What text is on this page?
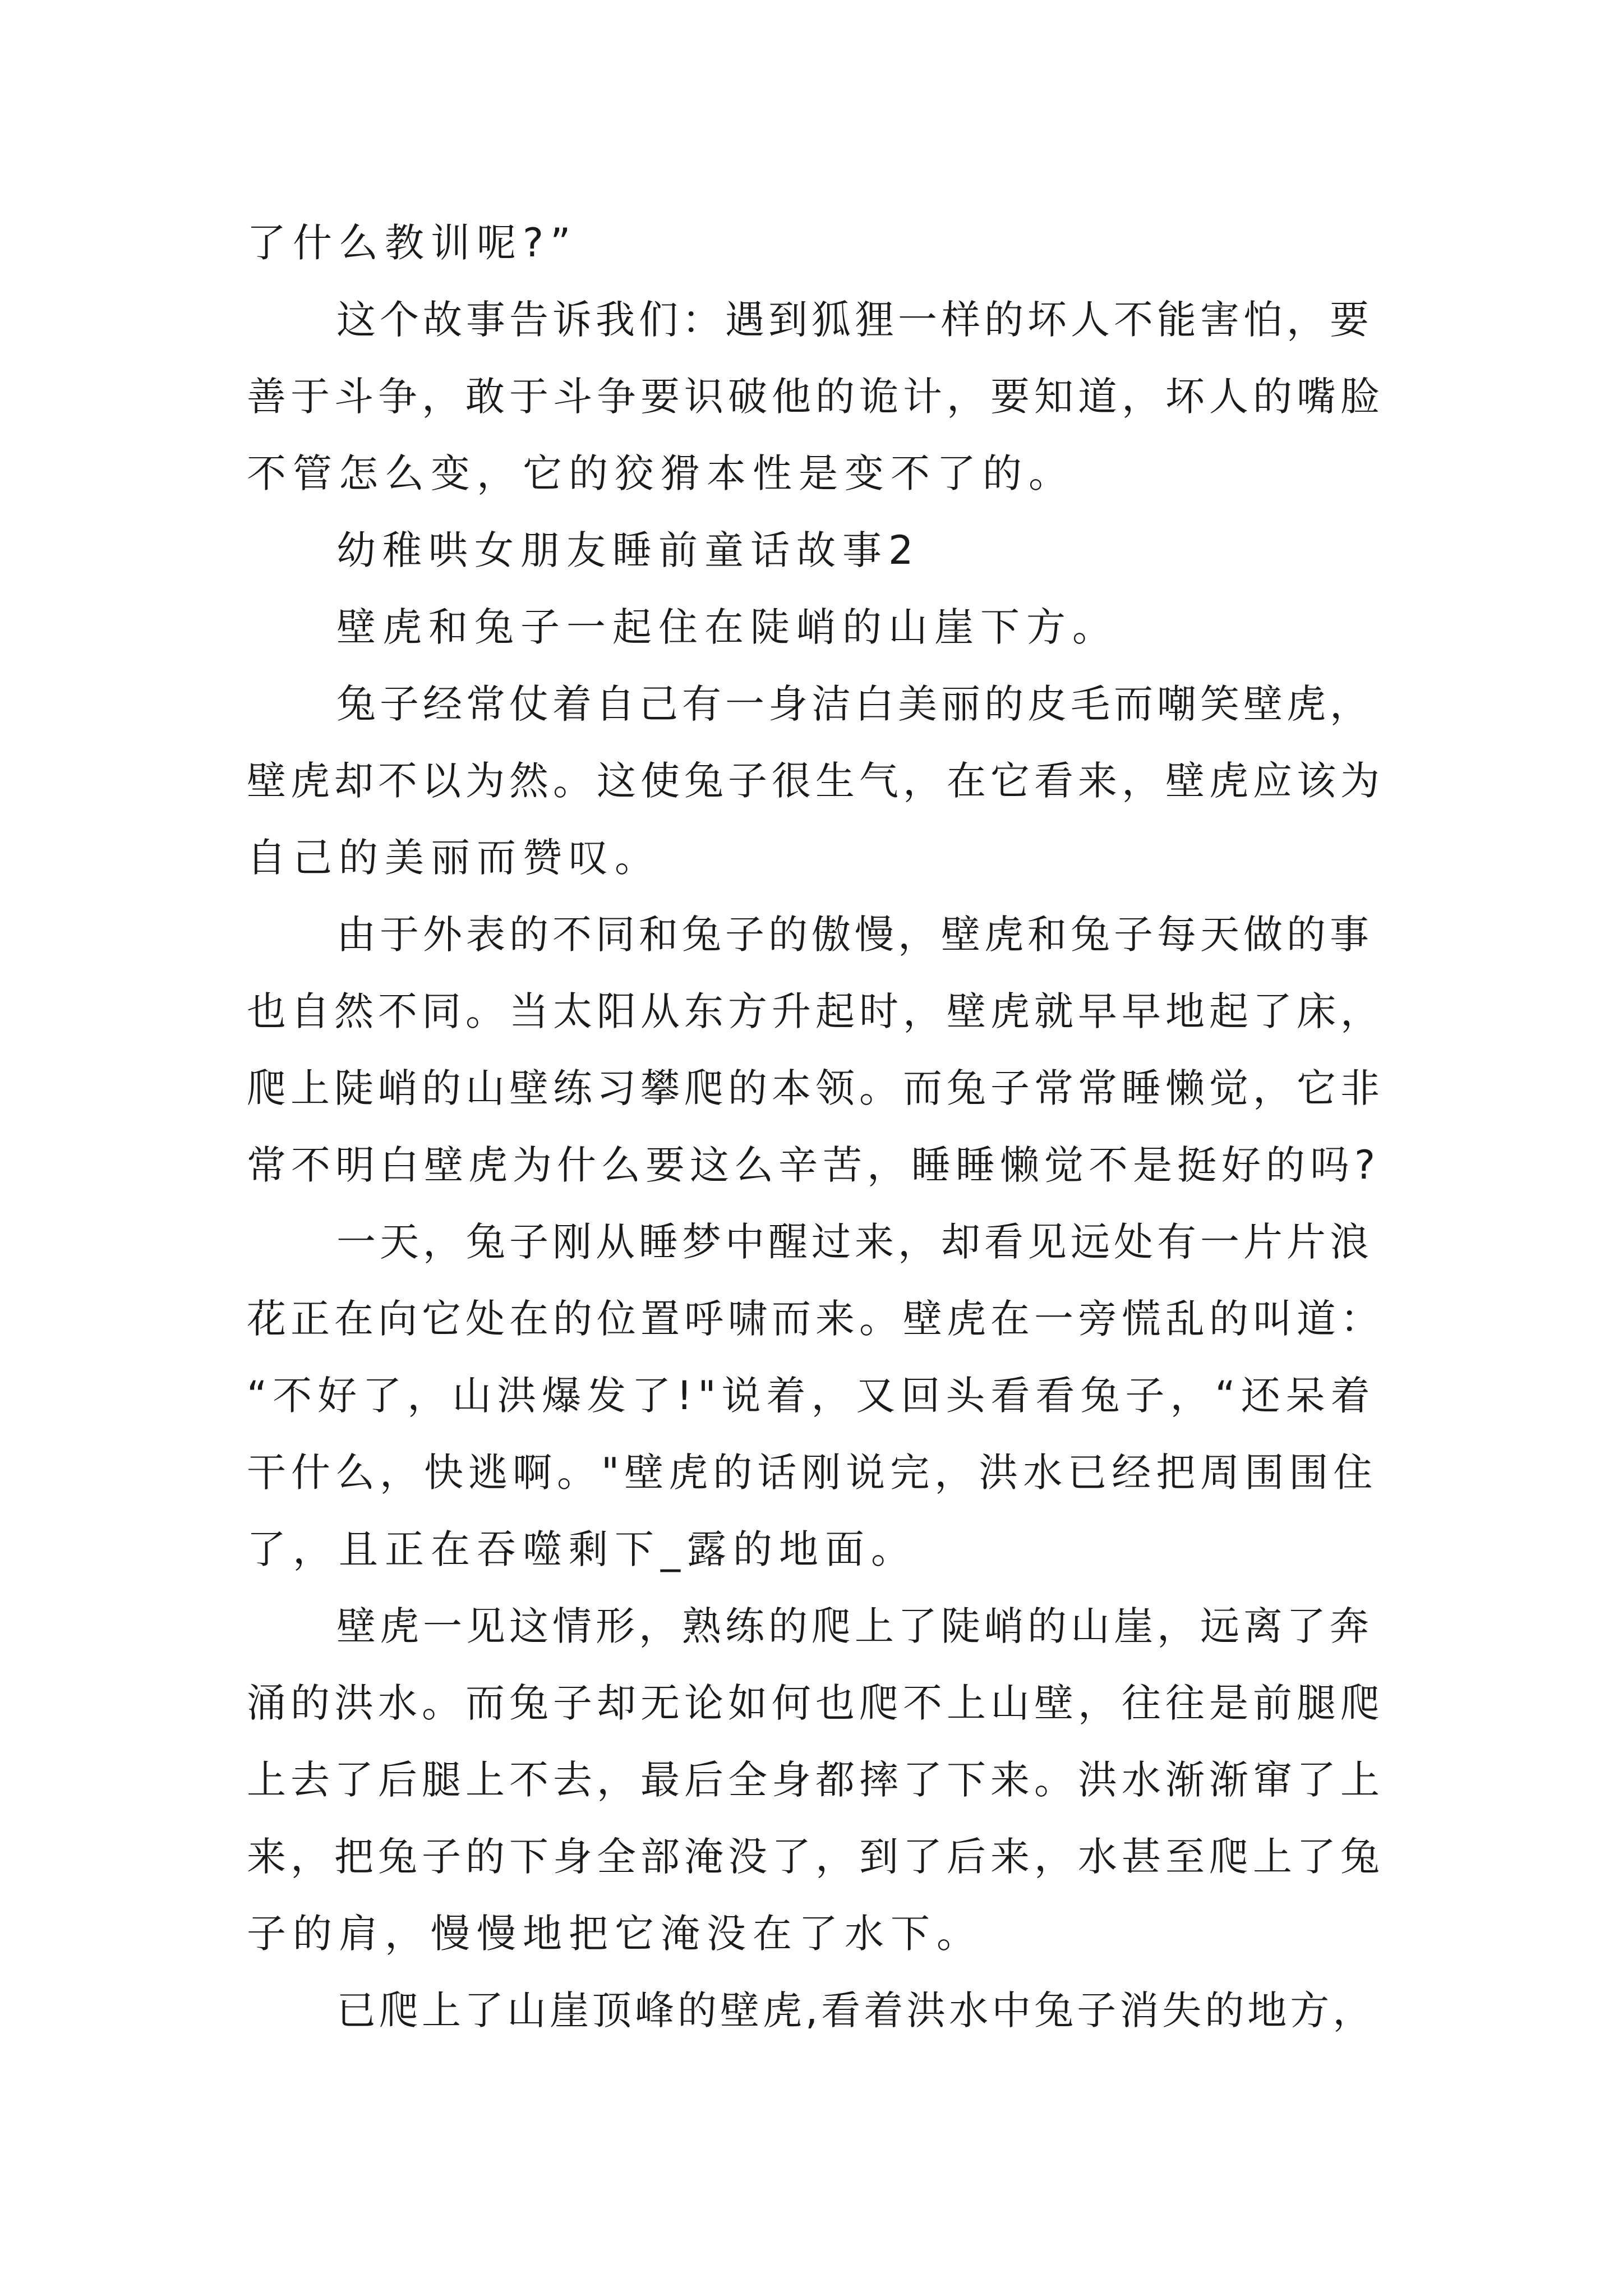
了什么教训呢?”
这个故事告诉我们：遇到狐狸一样的坏人不能害怕，要
善于斗争，敢于斗争要识破他的诡计，要知道，坏人的嘴脸
不管怎么变，它的狡猾本性是变不了的。
幼稚哄女朋友睡前童话故事2
壁虎和兔子一起住在陡峭的山崖下方。
兔子经常仗着自己有一身洁白美丽的皮毛而嘲笑壁虎，
壁虎却不以为然。这使兔子很生气，在它看来，壁虎应该为
自己的美丽而赞叹。
由于外表的不同和兔子的傲慢，壁虎和兔子每天做的事
也自然不同。当太阳从东方升起时，壁虎就早早地起了床，
爬上陡峭的山壁练习攀爬的本领。而兔子常常睡懒觉，它非
常不明白壁虎为什么要这么辛苦，睡睡懒觉不是挺好的吗?
一天，兔子刚从睡梦中醒过来，却看见远处有一片片浪
花正在向它处在的位置呼啸而来。壁虎在一旁慌乱的叫道：
“不好了，山洪爆发了!"说着，又回头看看兔子，“还呆着
干什么，快逃啊。"壁虎的话刚说完，洪水已经把周围围住
了，且正在吞噬剩下_露的地面。
壁虎一见这情形，熟练的爬上了陡峭的山崖，远离了奔
涌的洪水。而兔子却无论如何也爬不上山壁，往往是前腿爬
上去了后腿上不去，最后全身都摔了下来。洪水渐渐窜了上
来，把兔子的下身全部淹没了，到了后来，水甚至爬上了兔
子的肩，慢慢地把它淹没在了水下。
已爬上了山崖顶峰的壁虎,看着洪水中兔子消失的地方，
